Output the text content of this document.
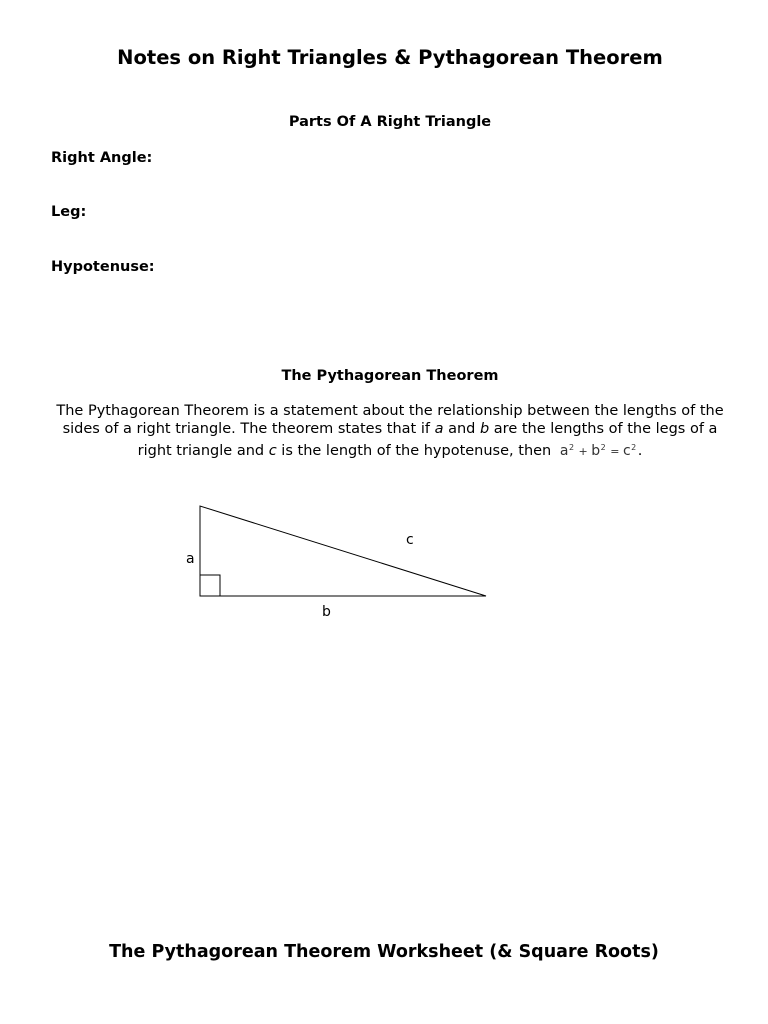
Notes on Right Triangles & Pythagorean Theorem
Parts Of A Right Triangle
Right Angle:
Leg:
Hypotenuse:
The Pythagorean Theorem
The Pythagorean Theorem is a statement about the relationship between the lengths of the sides of a right triangle. The theorem states that if a and b are the lengths of the legs of a right triangle and c is the length of the hypotenuse, then $a^2 + b^2 = c^2$.
a
b
c
The Pythagorean Theorem Worksheet (& Square Roots)
